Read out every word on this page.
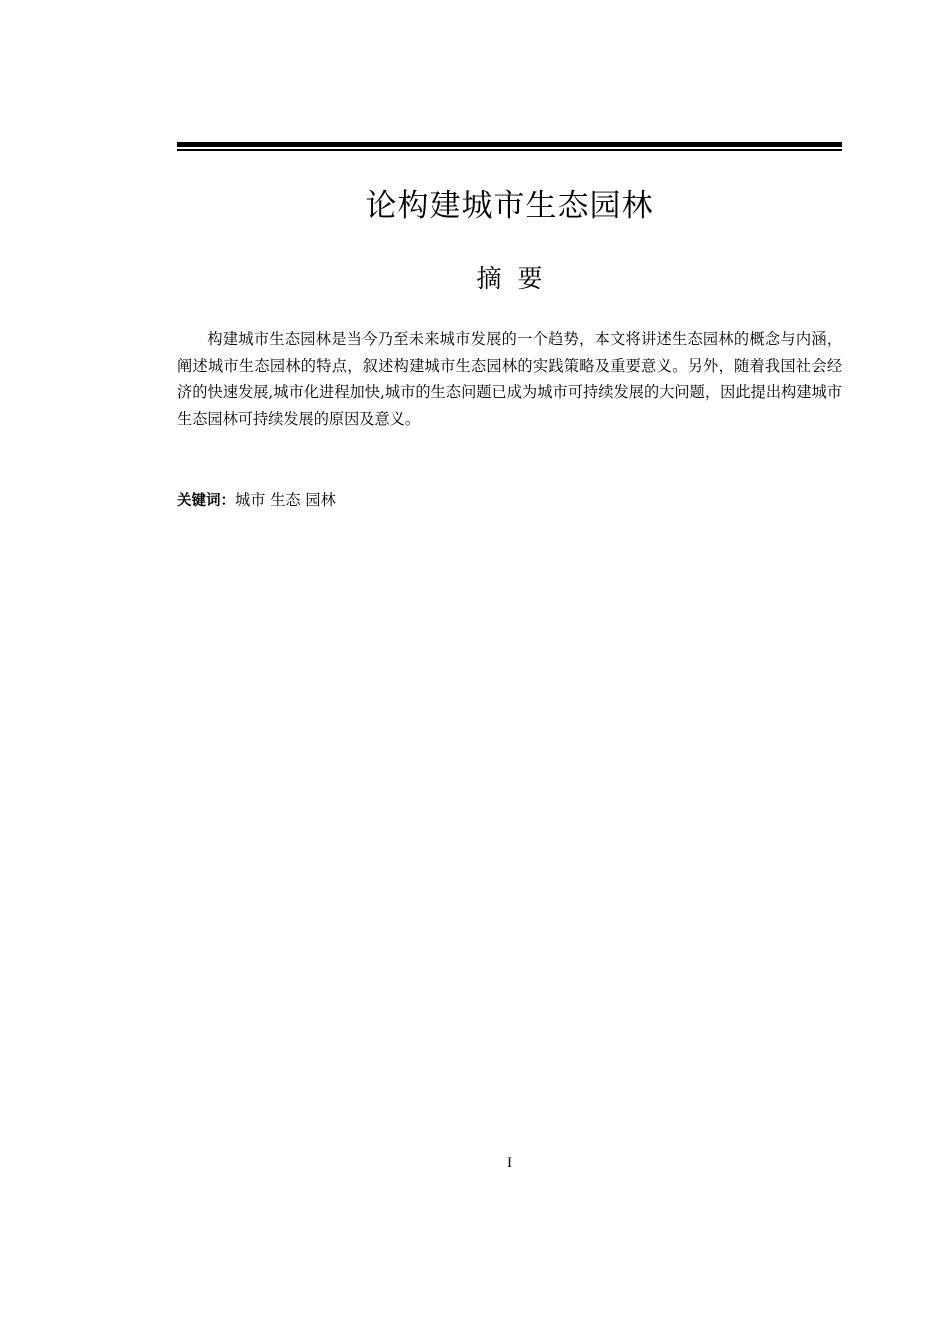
论构建城市生态园林
摘 要

构建城市生态园林是当今乃至未来城市发展的一个趋势，本文将讲述生态园林的概念与内涵，阐述城市生态园林的特点，叙述构建城市生态园林的实践策略及重要意义。另外，随着我国社会经济的快速发展,城市化进程加快,城市的生态问题已成为城市可持续发展的大问题，因此提出构建城市生态园林可持续发展的原因及意义。

关键词：城市 生态 园林
I
